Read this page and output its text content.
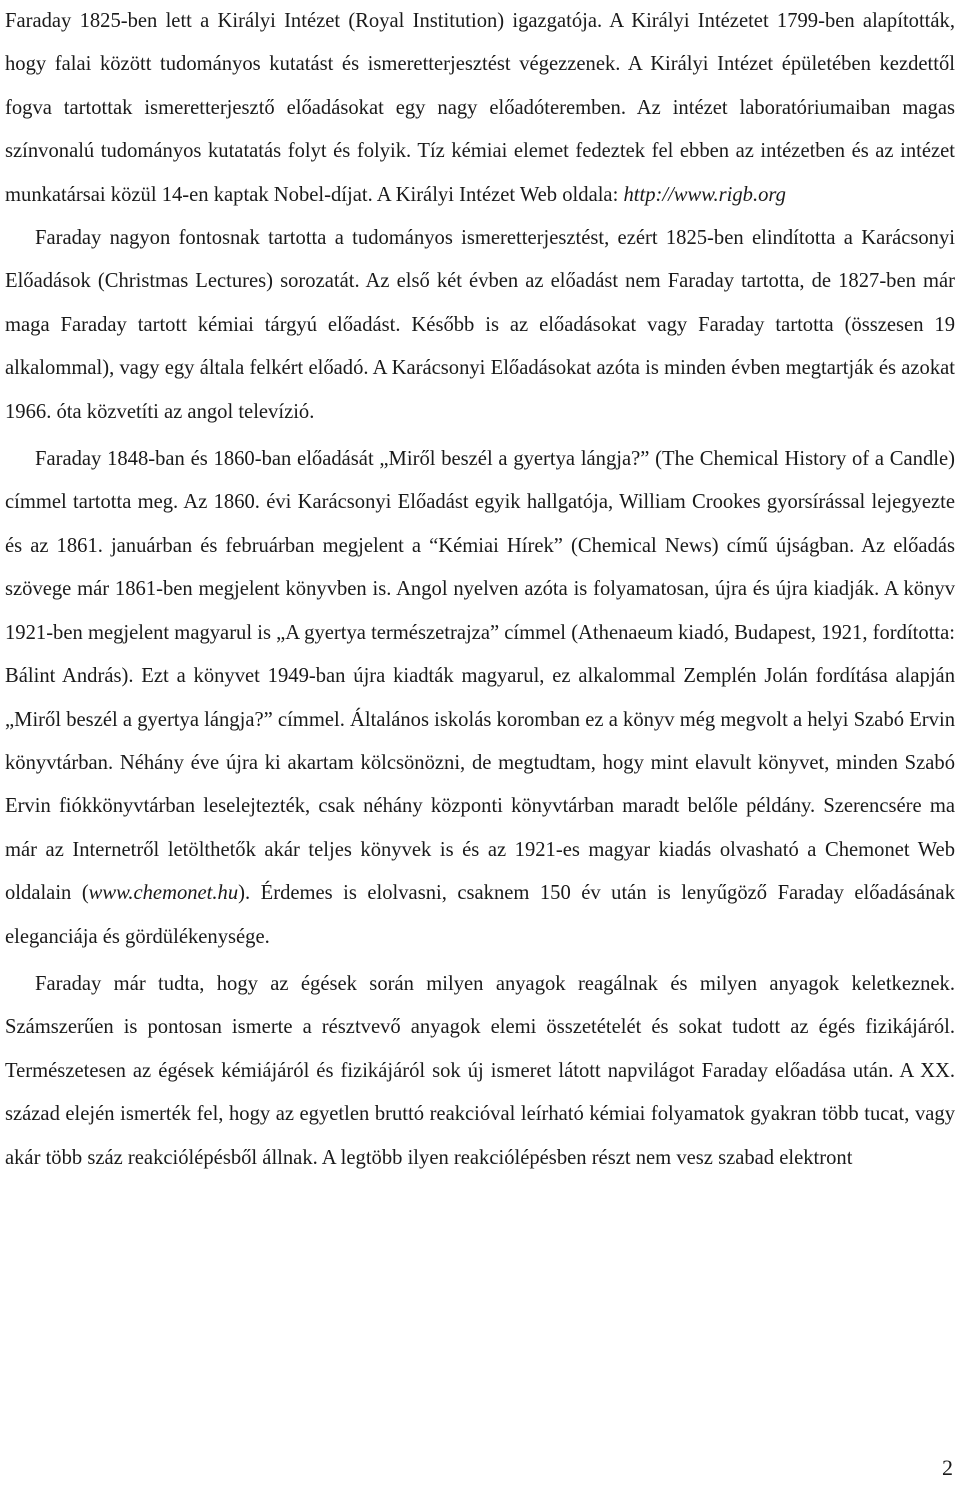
Faraday 1825-ben lett a Királyi Intézet (Royal Institution) igazgatója. A Királyi Intézetet 1799-ben alapították, hogy falai között tudományos kutatást és ismeretterjesztést végezzenek. A Királyi Intézet épületében kezdettől fogva tartottak ismeretterjesztő előadásokat egy nagy előadóteremben. Az intézet laboratóriumaiban magas színvonalú tudományos kutatatás folyt és folyik. Tíz kémiai elemet fedeztek fel ebben az intézetben és az intézet munkatársai közül 14-en kaptak Nobel-díjat. A Királyi Intézet Web oldala: http://www.rigb.org

Faraday nagyon fontosnak tartotta a tudományos ismeretterjesztést, ezért 1825-ben elindította a Karácsonyi Előadások (Christmas Lectures) sorozatát. Az első két évben az előadást nem Faraday tartotta, de 1827-ben már maga Faraday tartott kémiai tárgyú előadást. Később is az előadásokat vagy Faraday tartotta (összesen 19 alkalommal), vagy egy általa felkért előadó. A Karácsonyi Előadásokat azóta is minden évben megtartják és azokat 1966. óta közvetíti az angol televízió.

Faraday 1848-ban és 1860-ban előadását „Miről beszél a gyertya lángja?” (The Chemical History of a Candle) címmel tartotta meg. Az 1860. évi Karácsonyi Előadást egyik hallgatója, William Crookes gyorsírással lejegyezte és az 1861. januárban és februárban megjelent a “Kémiai Hírek” (Chemical News) című újságban. Az előadás szövege már 1861-ben megjelent könyvben is. Angol nyelven azóta is folyamatosan, újra és újra kiadják. A könyv 1921-ben megjelent magyarul is „A gyertya természetrajza” címmel (Athenaeum kiadó, Budapest, 1921, fordította: Bálint András). Ezt a könyvet 1949-ban újra kiadták magyarul, ez alkalommal Zemplén Jolán fordítása alapján „Miről beszél a gyertya lángja?” címmel. Általános iskolás koromban ez a könyv még megvolt a helyi Szabó Ervin könyvtárban. Néhány éve újra ki akartam kölcsönözni, de megtudtam, hogy mint elavult könyvet, minden Szabó Ervin fiókkönyvtárban leselejtezték, csak néhány központi könyvtárban maradt belőle példány. Szerencsére ma már az Internetről letölthetők akár teljes könyvek is és az 1921-es magyar kiadás olvasható a Chemonet Web oldalain (www.chemonet.hu). Érdemes is elolvasni, csaknem 150 év után is lenyűgöző Faraday előadásának eleganciája és gördülékenysége.

Faraday már tudta, hogy az égések során milyen anyagok reagálnak és milyen anyagok keletkeznek. Számszerűen is pontosan ismerte a résztvevő anyagok elemi összetételét és sokat tudott az égés fizikájáról. Természetesen az égések kémiájáról és fizikájáról sok új ismeret látott napvilágot Faraday előadása után. A XX. század elején ismerték fel, hogy az egyetlen bruttó reakcióval leírható kémiai folyamatok gyakran több tucat, vagy akár több száz reakciólépésből állnak. A legtöbb ilyen reakciólépésben részt nem vesz szabad elektront

2
